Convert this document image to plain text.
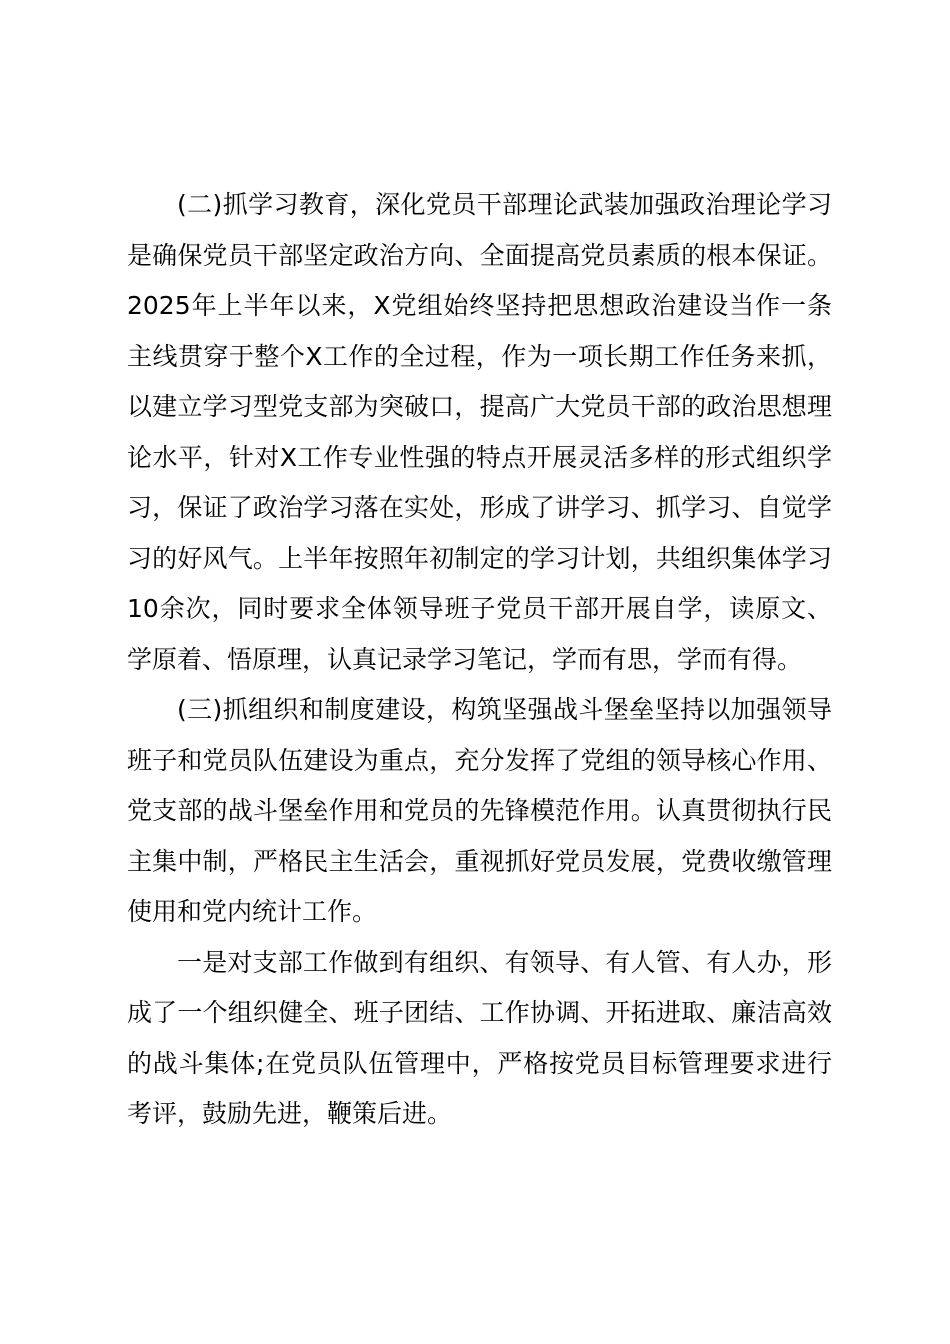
(二)抓学习教育，深化党员干部理论武装加强政治理论学习是确保党员干部坚定政治方向、全面提高党员素质的根本保证。2025年上半年以来，X党组始终坚持把思想政治建设当作一条主线贯穿于整个X工作的全过程，作为一项长期工作任务来抓，以建立学习型党支部为突破口，提高广大党员干部的政治思想理论水平，针对X工作专业性强的特点开展灵活多样的形式组织学习，保证了政治学习落在实处，形成了讲学习、抓学习、自觉学习的好风气。上半年按照年初制定的学习计划，共组织集体学习10余次，同时要求全体领导班子党员干部开展自学，读原文、学原着、悟原理，认真记录学习笔记，学而有思，学而有得。

(三)抓组织和制度建设，构筑坚强战斗堡垒坚持以加强领导班子和党员队伍建设为重点，充分发挥了党组的领导核心作用、党支部的战斗堡垒作用和党员的先锋模范作用。认真贯彻执行民主集中制，严格民主生活会，重视抓好党员发展，党费收缴管理使用和党内统计工作。

一是对支部工作做到有组织、有领导、有人管、有人办，形成了一个组织健全、班子团结、工作协调、开拓进取、廉洁高效的战斗集体;在党员队伍管理中，严格按党员目标管理要求进行考评，鼓励先进，鞭策后进。
